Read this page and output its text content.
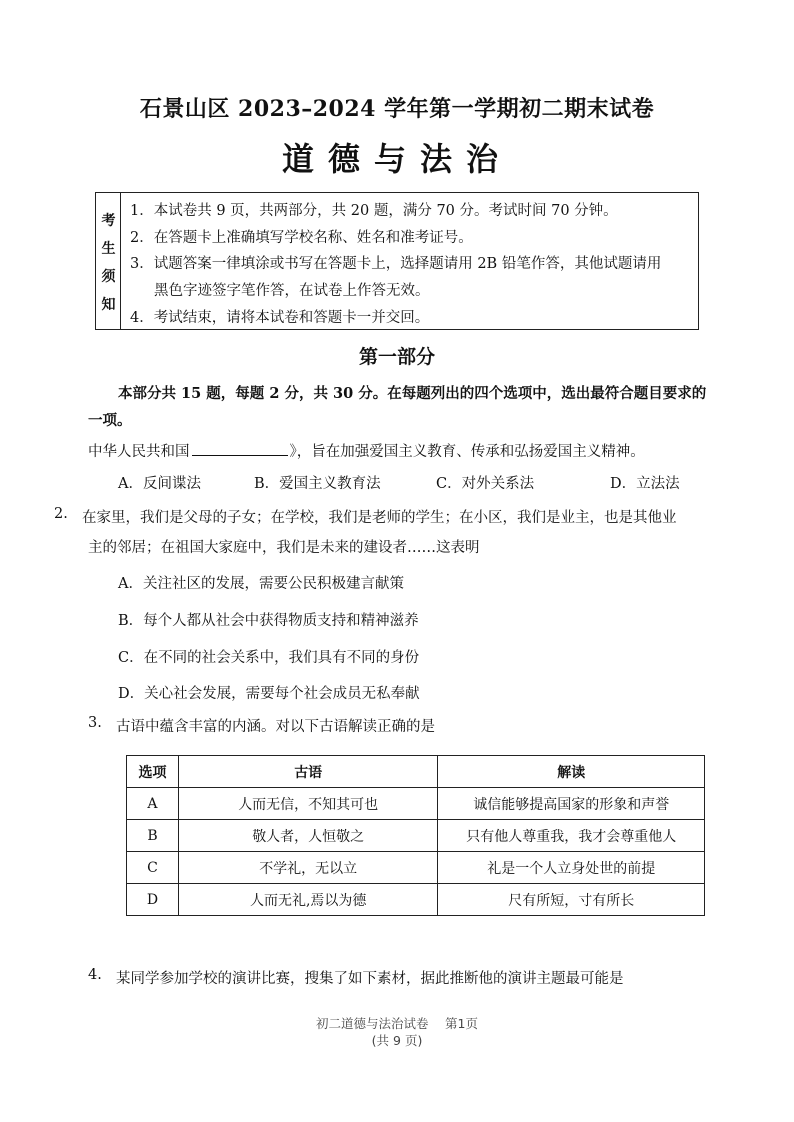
石景山区 2023–2024 学年第一学期初二期末试卷
道德与法治
考
生
须
知
1．本试卷共 9 页，共两部分，共 20 题，满分 70 分。考试时间 70 分钟。
2．在答题卡上准确填写学校名称、姓名和准考证号。
3．试题答案一律填涂或书写在答题卡上，选择题请用 2B 铅笔作答，其他试题请用
黑色字迹签字笔作答，在试卷上作答无效。
4．考试结束，请将本试卷和答题卡一并交回。
第一部分
本部分共 15 题，每题 2 分，共 30 分。在每题列出的四个选项中，选出最符合题目要求的一项。
中华人民共和国	》，旨在加强爱国主义教育、传承和弘扬爱国主义精神。
A．反间谍法	B．爱国主义教育法	C．对外关系法	D．立法法
2. 在家里，我们是父母的子女；在学校，我们是老师的学生；在小区，我们是业主，也是其他业
主的邻居；在祖国大家庭中，我们是未来的建设者……这表明
A．关注社区的发展，需要公民积极建言献策
B．每个人都从社会中获得物质支持和精神滋养
C．在不同的社会关系中，我们具有不同的身份
D．关心社会发展，需要每个社会成员无私奉献
3. 古语中蕴含丰富的内涵。对以下古语解读正确的是
选项	古语	解读
A	人而无信，不知其可也	诚信能够提高国家的形象和声誉
B	敬人者，人恒敬之	只有他人尊重我，我才会尊重他人
C	不学礼，无以立	礼是一个人立身处世的前提
D	人而无礼,焉以为德	尺有所短，寸有所长
4. 某同学参加学校的演讲比赛，搜集了如下素材，据此推断他的演讲主题最可能是
初二道德与法治试卷　 第1页
(共 9 页)
